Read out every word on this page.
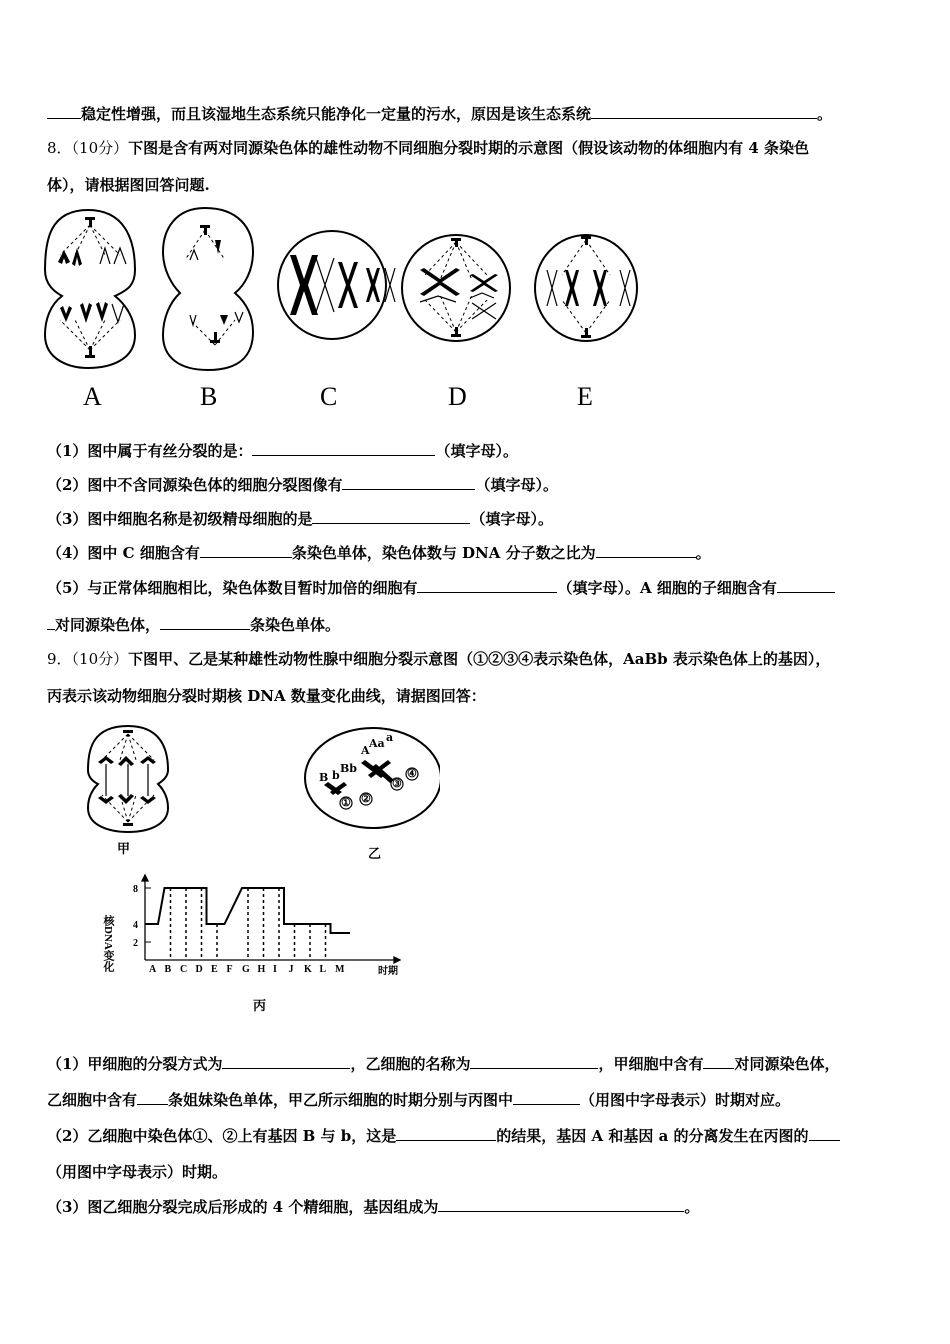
稳定性增强，而且该湿地生态系统只能净化一定量的污水，原因是该生态系统	。
8．（10分）下图是含有两对同源染色体的雄性动物不同细胞分裂时期的示意图（假设该动物的体细胞内有 4 条染色
体），请根据图回答问题.
A	B	C	D	E
（1）图中属于有丝分裂的是：	（填字母）。
（2）图中不含同源染色体的细胞分裂图像有	（填字母）。
（3）图中细胞名称是初级精母细胞的是	（填字母）。
（4）图中 C 细胞含有	条染色单体，染色体数与 DNA 分子数之比为	。
（5）与正常体细胞相比，染色体数目暂时加倍的细胞有	（填字母）。A 细胞的子细胞含有
对同源染色体，	条染色单体。
9．（10分）下图甲、乙是某种雄性动物性腺中细胞分裂示意图（①②③④表示染色体，AaBb 表示染色体上的基因），
丙表示该动物细胞分裂时期核 DNA 数量变化曲线，请据图回答：
B b
Bb
A
Aa a
① ②
③
④
甲	乙
A B C D E F G H I J K L M
2
4
8
核DNA变化	时期
丙
（1）甲细胞的分裂方式为	，乙细胞的名称为	，甲细胞中含有 对同源染色体，
乙细胞中含有 条姐妹染色单体，甲乙所示细胞的时期分别与丙图中	（用图中字母表示）时期对应。
（2）乙细胞中染色体①、②上有基因 B 与 b，这是	的结果，基因 A 和基因 a 的分离发生在丙图的
（用图中字母表示）时期。
（3）图乙细胞分裂完成后形成的 4 个精细胞，基因组成为	。
